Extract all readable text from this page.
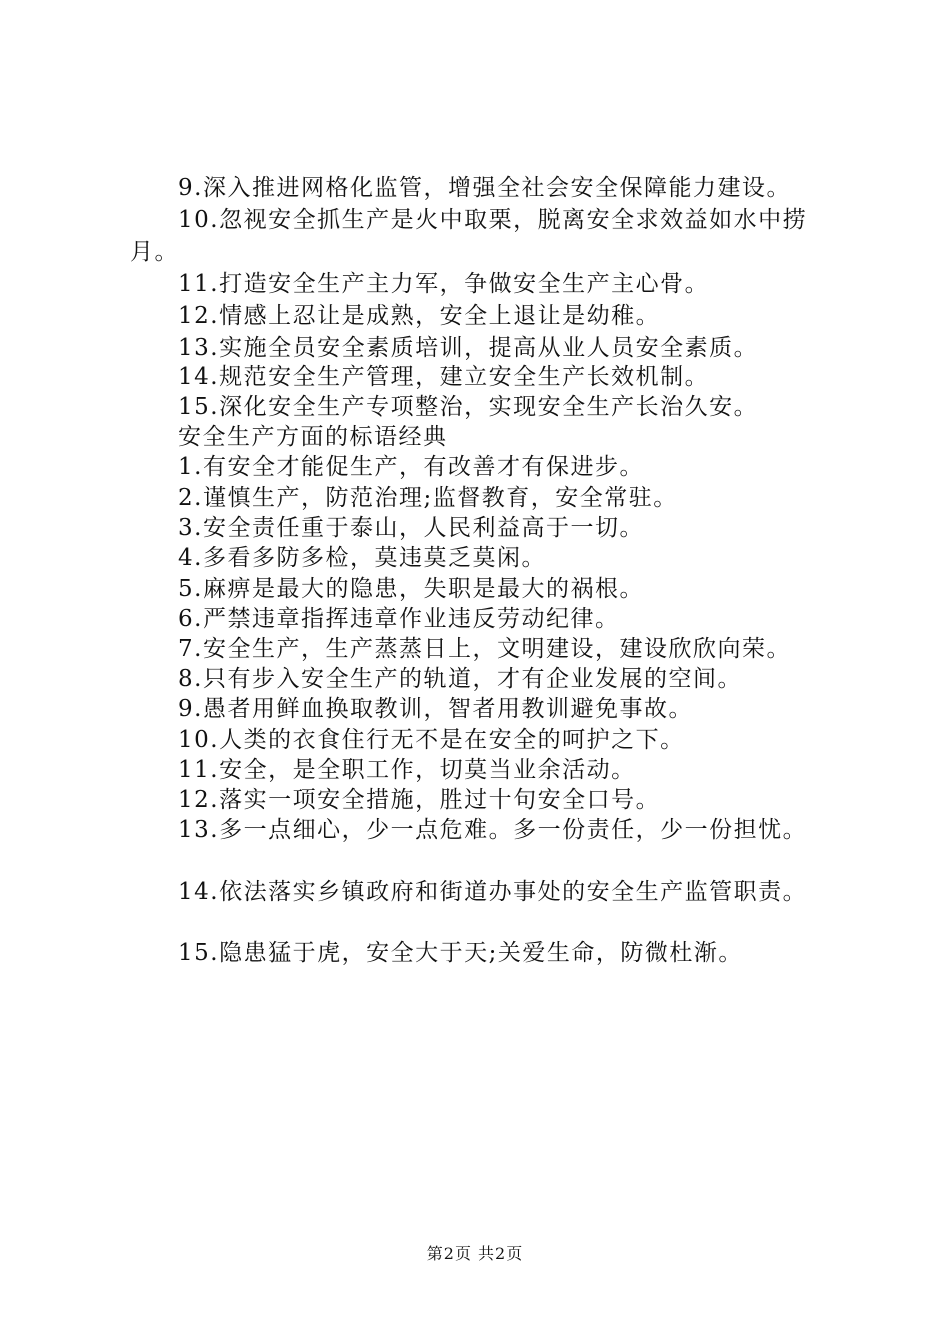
9.深入推进网格化监管，增强全社会安全保障能力建设。
10.忽视安全抓生产是火中取栗，脱离安全求效益如水中捞
月。
11.打造安全生产主力军，争做安全生产主心骨。
12.情感上忍让是成熟，安全上退让是幼稚。
13.实施全员安全素质培训，提高从业人员安全素质。
14.规范安全生产管理，建立安全生产长效机制。
15.深化安全生产专项整治，实现安全生产长治久安。
安全生产方面的标语经典
1.有安全才能促生产，有改善才有保进步。
2.谨慎生产，防范治理;监督教育，安全常驻。
3.安全责任重于泰山，人民利益高于一切。
4.多看多防多检，莫违莫乏莫闲。
5.麻痹是最大的隐患，失职是最大的祸根。
6.严禁违章指挥违章作业违反劳动纪律。
7.安全生产，生产蒸蒸日上，文明建设，建设欣欣向荣。
8.只有步入安全生产的轨道，才有企业发展的空间。
9.愚者用鲜血换取教训，智者用教训避免事故。
10.人类的衣食住行无不是在安全的呵护之下。
11.安全，是全职工作，切莫当业余活动。
12.落实一项安全措施，胜过十句安全口号。
13.多一点细心，少一点危难。多一份责任，少一份担忧。
14.依法落实乡镇政府和街道办事处的安全生产监管职责。
15.隐患猛于虎，安全大于天;关爱生命，防微杜渐。
第2页 共2页
